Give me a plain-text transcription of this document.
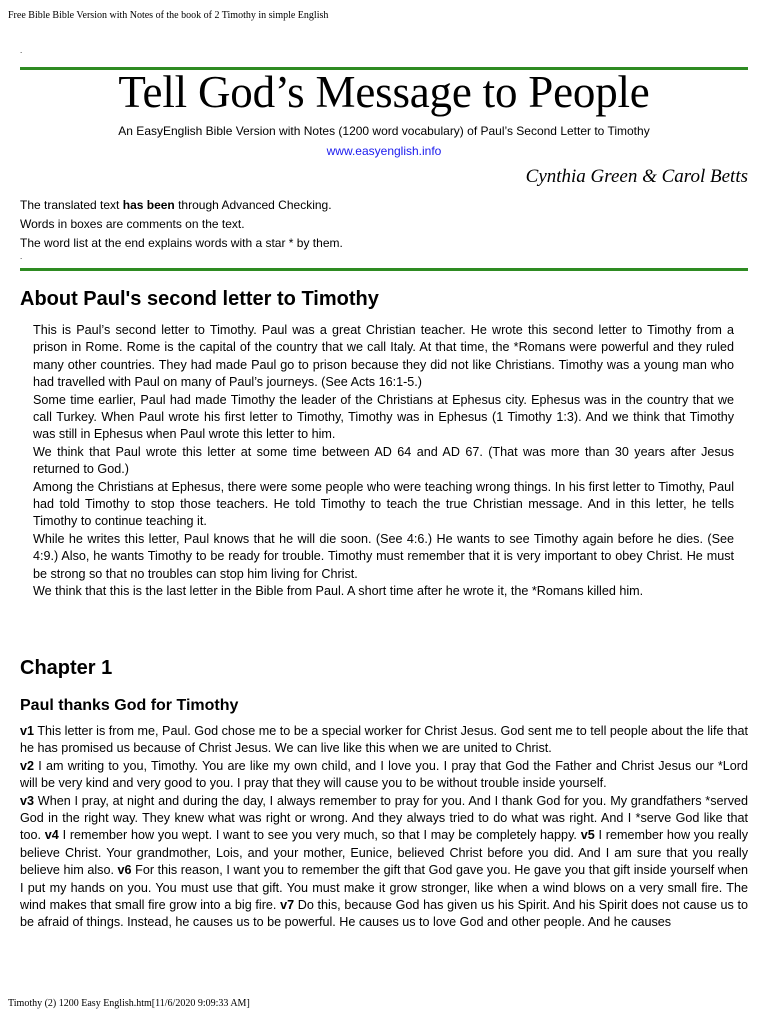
Free Bible Bible Version with Notes of the book of 2 Timothy in simple English
.
Tell God’s Message to People
An EasyEnglish Bible Version with Notes (1200 word vocabulary) of Paul’s Second Letter to Timothy
www.easyenglish.info
Cynthia Green & Carol Betts

The translated text has been through Advanced Checking.

Words in boxes are comments on the text.

The word list at the end explains words with a star * by them.

.
About Paul's second letter to Timothy

This is Paul’s second letter to Timothy. Paul was a great Christian teacher. He wrote this second letter to Timothy from a prison in Rome. Rome is the capital of the country that we call Italy. At that time, the *Romans were powerful and they ruled many other countries. They had made Paul go to prison because they did not like Christians. Timothy was a young man who had travelled with Paul on many of Paul’s journeys. (See Acts 16:1-5.)

Some time earlier, Paul had made Timothy the leader of the Christians at Ephesus city. Ephesus was in the country that we call Turkey. When Paul wrote his first letter to Timothy, Timothy was in Ephesus (1 Timothy 1:3). And we think that Timothy was still in Ephesus when Paul wrote this letter to him.

We think that Paul wrote this letter at some time between AD 64 and AD 67. (That was more than 30 years after Jesus returned to God.)

Among the Christians at Ephesus, there were some people who were teaching wrong things. In his first letter to Timothy, Paul had told Timothy to stop those teachers. He told Timothy to teach the true Christian message. And in this letter, he tells Timothy to continue teaching it.

While he writes this letter, Paul knows that he will die soon. (See 4:6.) He wants to see Timothy again before he dies. (See 4:9.) Also, he wants Timothy to be ready for trouble. Timothy must remember that it is very important to obey Christ. He must be strong so that no troubles can stop him living for Christ.

We think that this is the last letter in the Bible from Paul. A short time after he wrote it, the *Romans killed him.

Chapter 1
Paul thanks God for Timothy

v1 This letter is from me, Paul. God chose me to be a special worker for Christ Jesus. God sent me to tell people about the life that he has promised us because of Christ Jesus. We can live like this when we are united to Christ.

v2 I am writing to you, Timothy. You are like my own child, and I love you. I pray that God the Father and Christ Jesus our *Lord will be very kind and very good to you. I pray that they will cause you to be without trouble inside yourself.

v3 When I pray, at night and during the day, I always remember to pray for you. And I thank God for you. My grandfathers *served God in the right way. They knew what was right or wrong. And they always tried to do what was right. And I *serve God like that too. v4 I remember how you wept. I want to see you very much, so that I may be completely happy. v5 I remember how you really believe Christ. Your grandmother, Lois, and your mother, Eunice, believed Christ before you did. And I am sure that you really believe him also. v6 For this reason, I want you to remember the gift that God gave you. He gave you that gift inside yourself when I put my hands on you. You must use that gift. You must make it grow stronger, like when a wind blows on a very small fire. The wind makes that small fire grow into a big fire. v7 Do this, because God has given us his Spirit. And his Spirit does not cause us to be afraid of things. Instead, he causes us to be powerful. He causes us to love God and other people. And he causes

Timothy (2) 1200 Easy English.htm[11/6/2020 9:09:33 AM]
